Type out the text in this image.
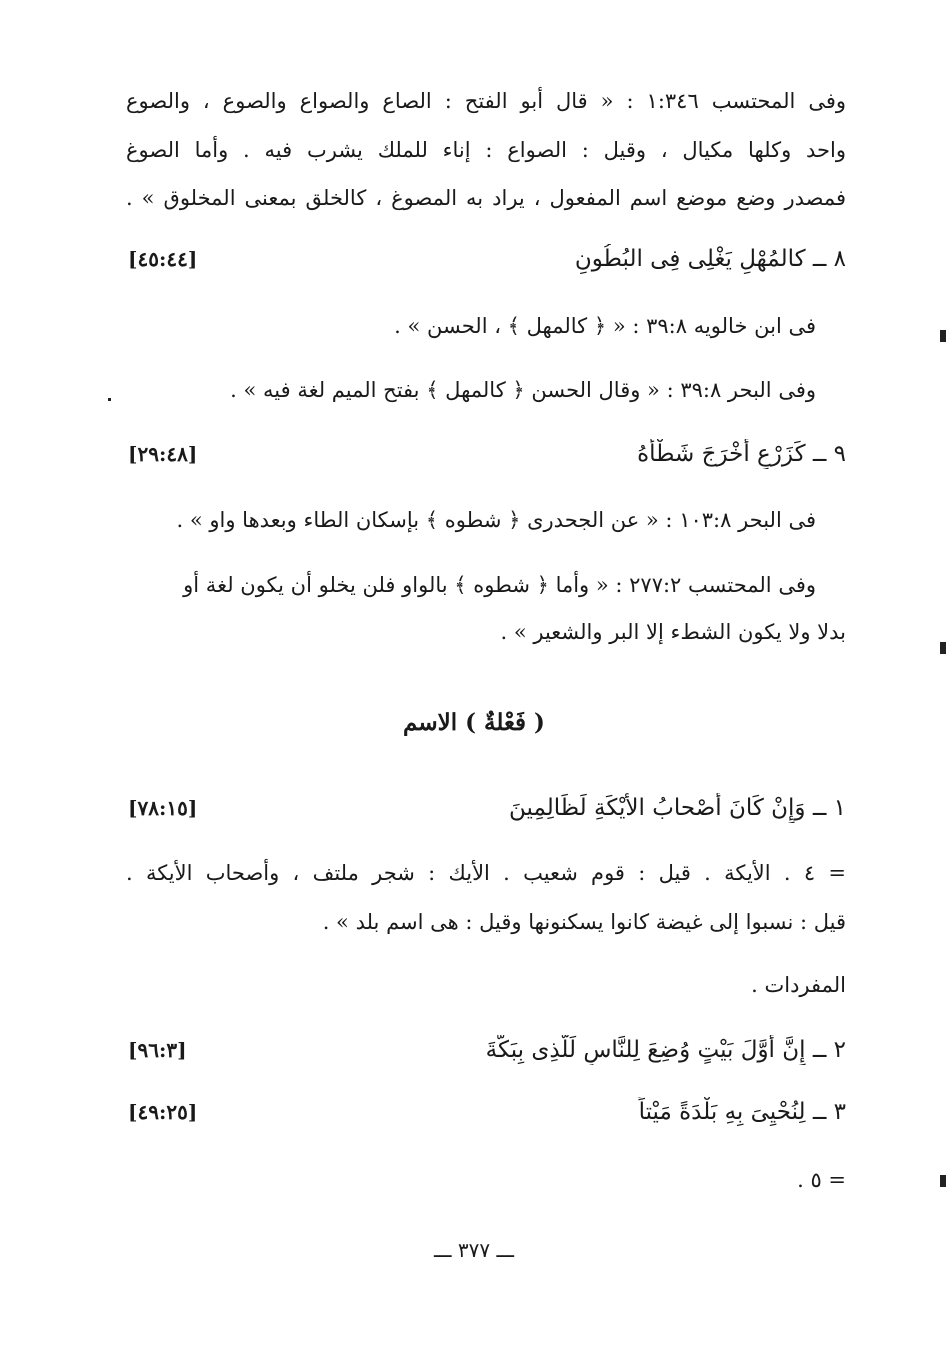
وفى المحتسب ١:٣٤٦ : « قال أبو الفتح : الصاع والصواع والصوع ، والصوع
واحد وكلها مكيال ، وقيل : الصواع : إناء للملك يشرب فيه . وأما الصوغ
فمصدر وضع موضع اسم المفعول ، يراد به المصوغ ، كالخلق بمعنى المخلوق » .
٨ ــ كالمُهْلِ يَغْلِى فِى البُطُونِ
[٤٥:٤٤]
فى ابن خالويه ٣٩:٨ : « ﴿ كالمهل ﴾ ، الحسن » .
وفى البحر ٣٩:٨ : « وقال الحسن ﴿ كالمهل ﴾ بفتح الميم لغة فيه » .
٩ ــ كَزَرْعٍ أَخْرَجَ شَطْأَهُ
[٢٩:٤٨]
فى البحر ١٠٣:٨ : « عن الجحدرى ﴿ شطوه ﴾ بإسكان الطاء وبعدها واو » .
وفى المحتسب ٢٧٧:٢ : « وأما ﴿ شطوه ﴾ بالواو فلن يخلو أن يكون لغة أو
بدلا ولا يكون الشطء إلا البر والشعير » .
( فَعْلةٌ ) الاسم
١ ــ وَإِنْ كَانَ أَصْحابُ الأَيْكَةِ لَظَالِمِينَ
[٧٨:١٥]
= ٤ . الأيكة . قيل : قوم شعيب . الأيك : شجر ملتف ، وأصحاب الأيكة .
قيل : نسبوا إلى غيضة كانوا يسكنونها وقيل : هى اسم بلد » .
المفردات .
٢ ــ إِنَّ أَوَّلَ بَيْتٍ وُضِعَ لِلنَّاسِ لَلَّذِى بِبَكَّةَ
[٩٦:٣]
٣ ــ لِنُحْيِىَ بِهِ بَلْدَةً مَيْتاً
[٤٩:٢٥]
= ٥ .
ـــ ٣٧٧ ـــ
